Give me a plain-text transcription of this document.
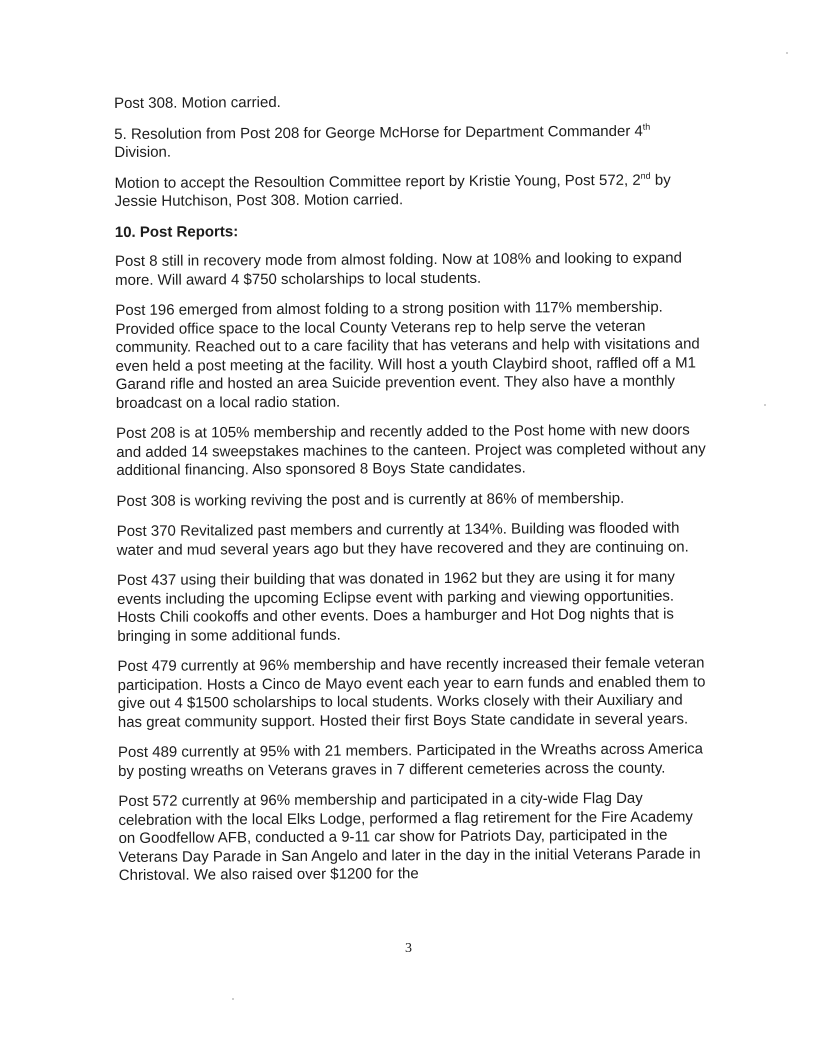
Post 308. Motion carried.

5. Resolution from Post 208 for George McHorse for Department Commander 4th Division.

Motion to accept the Resoultion Committee report by Kristie Young, Post 572, 2nd by Jessie Hutchison, Post 308. Motion carried.

10. Post Reports:

Post 8 still in recovery mode from almost folding. Now at 108% and looking to expand more. Will award 4 $750 scholarships to local students.

Post 196 emerged from almost folding to a strong position with 117% membership. Provided office space to the local County Veterans rep to help serve the veteran community. Reached out to a care facility that has veterans and help with visitations and even held a post meeting at the facility. Will host a youth Claybird shoot, raffled off a M1 Garand rifle and hosted an area Suicide prevention event. They also have a monthly broadcast on a local radio station.

Post 208 is at 105% membership and recently added to the Post home with new doors and added 14 sweepstakes machines to the canteen. Project was completed without any additional financing. Also sponsored 8 Boys State candidates.

Post 308 is working reviving the post and is currently at 86% of membership.

Post 370 Revitalized past members and currently at 134%. Building was flooded with water and mud several years ago but they have recovered and they are continuing on.

Post 437 using their building that was donated in 1962 but they are using it for many events including the upcoming Eclipse event with parking and viewing opportunities. Hosts Chili cookoffs and other events. Does a hamburger and Hot Dog nights that is bringing in some additional funds.

Post 479 currently at 96% membership and have recently increased their female veteran participation. Hosts a Cinco de Mayo event each year to earn funds and enabled them to give out 4 $1500 scholarships to local students. Works closely with their Auxiliary and has great community support. Hosted their first Boys State candidate in several years.

Post 489 currently at 95% with 21 members. Participated in the Wreaths across America by posting wreaths on Veterans graves in 7 different cemeteries across the county.

Post 572 currently at 96% membership and participated in a city-wide Flag Day celebration with the local Elks Lodge, performed a flag retirement for the Fire Academy on Goodfellow AFB, conducted a 9-11 car show for Patriots Day, participated in the Veterans Day Parade in San Angelo and later in the day in the initial Veterans Parade in Christoval. We also raised over $1200 for the

3
